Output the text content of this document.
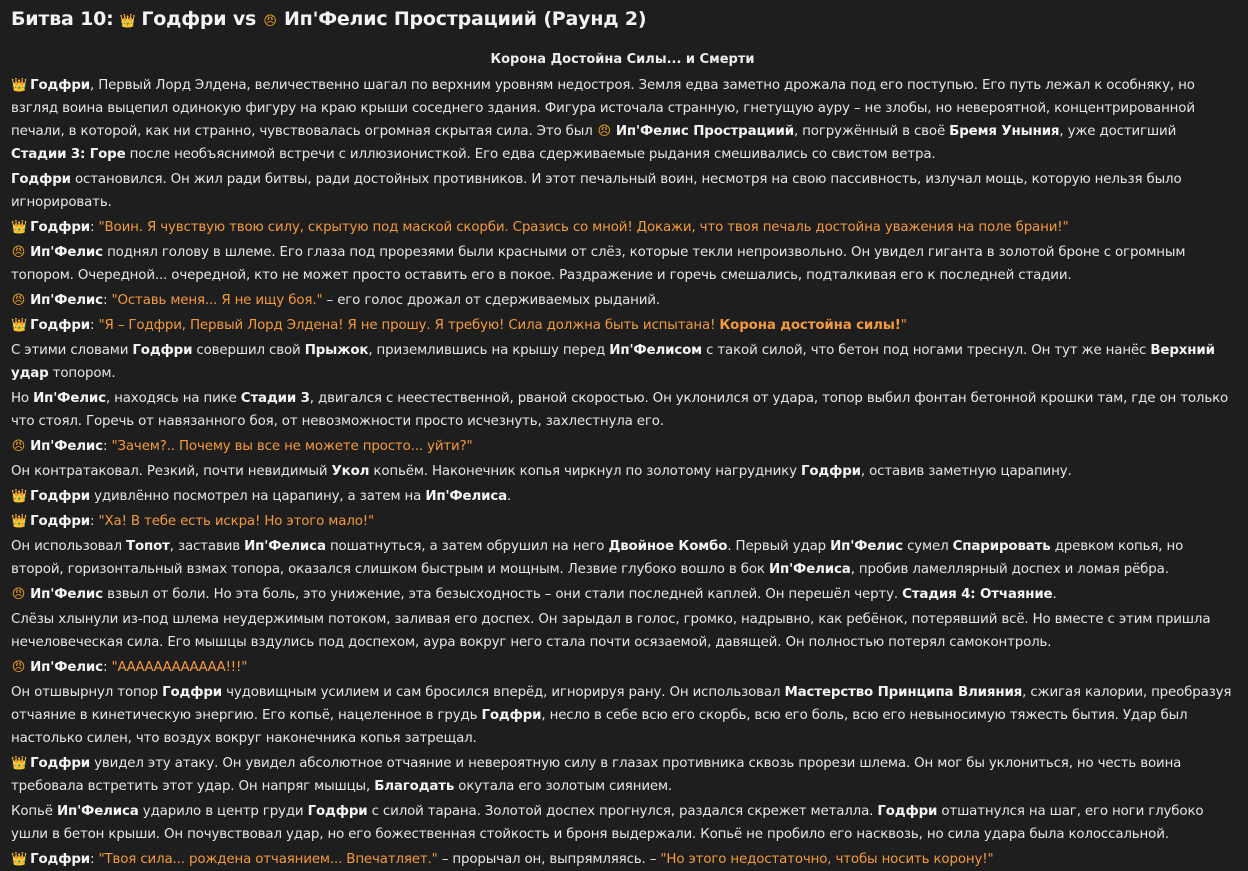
Битва 10: 👑 Годфри vs 😠 Ип'Фелис Прострациий (Раунд 2)
Корона Достойна Силы... и Смерти

👑 Годфри, Первый Лорд Элдена, величественно шагал по верхним уровням недостроя. Земля едва заметно дрожала под его поступью. Его путь лежал к особняку, но взгляд воина выцепил одинокую фигуру на краю крыши соседнего здания. Фигура источала странную, гнетущую ауру – не злобы, но невероятной, концентрированной печали, в которой, как ни странно, чувствовалась огромная скрытая сила. Это был 😠 Ип'Фелис Прострациий, погружённый в своё Бремя Уныния, уже достигший Стадии 3: Горе после необъяснимой встречи с иллюзионисткой. Его едва сдерживаемые рыдания смешивались со свистом ветра.

Годфри остановился. Он жил ради битвы, ради достойных противников. И этот печальный воин, несмотря на свою пассивность, излучал мощь, которую нельзя было игнорировать.

👑 Годфри: "Воин. Я чувствую твою силу, скрытую под маской скорби. Сразись со мной! Докажи, что твоя печаль достойна уважения на поле брани!"

😠 Ип'Фелис поднял голову в шлеме. Его глаза под прорезями были красными от слёз, которые текли непроизвольно. Он увидел гиганта в золотой броне с огромным топором. Очередной... очередной, кто не может просто оставить его в покое. Раздражение и горечь смешались, подталкивая его к последней стадии.

😠 Ип'Фелис: "Оставь меня... Я не ищу боя." – его голос дрожал от сдерживаемых рыданий.

👑 Годфри: "Я – Годфри, Первый Лорд Элдена! Я не прошу. Я требую! Сила должна быть испытана! Корона достойна силы!"

С этими словами Годфри совершил свой Прыжок, приземлившись на крышу перед Ип'Фелисом с такой силой, что бетон под ногами треснул. Он тут же нанёс Верхний удар топором.

Но Ип'Фелис, находясь на пике Стадии 3, двигался с неестественной, рваной скоростью. Он уклонился от удара, топор выбил фонтан бетонной крошки там, где он только что стоял. Горечь от навязанного боя, от невозможности просто исчезнуть, захлестнула его.

😠 Ип'Фелис: "Зачем?.. Почему вы все не можете просто... уйти?"

Он контратаковал. Резкий, почти невидимый Укол копьём. Наконечник копья чиркнул по золотому нагруднику Годфри, оставив заметную царапину.

👑 Годфри удивлённо посмотрел на царапину, а затем на Ип'Фелиса.

👑 Годфри: "Ха! В тебе есть искра! Но этого мало!"

Он использовал Топот, заставив Ип'Фелиса пошатнуться, а затем обрушил на него Двойное Комбо. Первый удар Ип'Фелис сумел Спарировать древком копья, но второй, горизонтальный взмах топора, оказался слишком быстрым и мощным. Лезвие глубоко вошло в бок Ип'Фелиса, пробив ламеллярный доспех и ломая рёбра.

😠 Ип'Фелис взвыл от боли. Но эта боль, это унижение, эта безысходность – они стали последней каплей. Он перешёл черту. Стадия 4: Отчаяние.

Слёзы хлынули из-под шлема неудержимым потоком, заливая его доспех. Он зарыдал в голос, громко, надрывно, как ребёнок, потерявший всё. Но вместе с этим пришла нечеловеческая сила. Его мышцы вздулись под доспехом, аура вокруг него стала почти осязаемой, давящей. Он полностью потерял самоконтроль.

😠 Ип'Фелис: "АААААААААААА!!!"

Он отшвырнул топор Годфри чудовищным усилием и сам бросился вперёд, игнорируя рану. Он использовал Мастерство Принципа Влияния, сжигая калории, преобразуя отчаяние в кинетическую энергию. Его копьё, нацеленное в грудь Годфри, несло в себе всю его скорбь, всю его боль, всю его невыносимую тяжесть бытия. Удар был настолько силен, что воздух вокруг наконечника копья затрещал.

👑 Годфри увидел эту атаку. Он увидел абсолютное отчаяние и невероятную силу в глазах противника сквозь прорези шлема. Он мог бы уклониться, но честь воина требовала встретить этот удар. Он напряг мышцы, Благодать окутала его золотым сиянием.

Копьё Ип'Фелиса ударило в центр груди Годфри с силой тарана. Золотой доспех прогнулся, раздался скрежет металла. Годфри отшатнулся на шаг, его ноги глубоко ушли в бетон крыши. Он почувствовал удар, но его божественная стойкость и броня выдержали. Копьё не пробило его насквозь, но сила удара была колоссальной.

👑 Годфри: "Твоя сила... рождена отчаянием... Впечатляет." – прорычал он, выпрямляясь. – "Но этого недостаточно, чтобы носить корону!"
